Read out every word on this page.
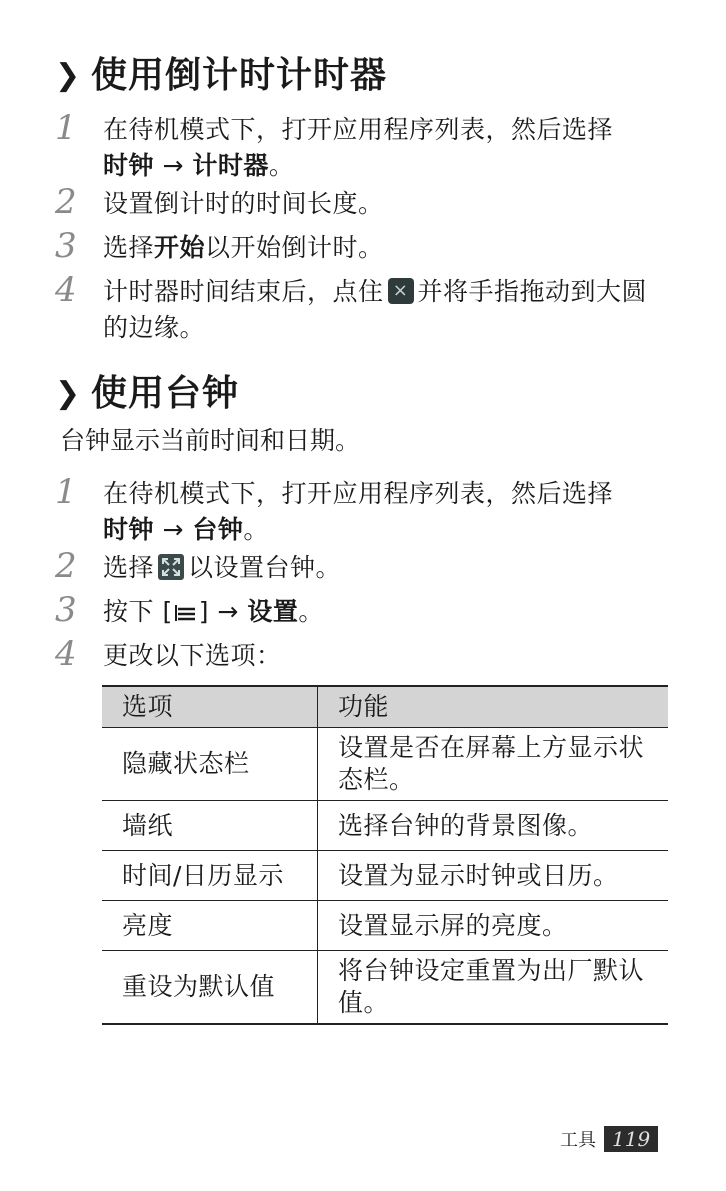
❯ 使用倒计时计时器
1	在待机模式下，打开应用程序列表，然后选择
时钟 → 计时器。
2	设置倒计时的时间长度。
3	选择开始以开始倒计时。
4	计时器时间结束后，点住 × 并将手指拖动到大圆的边缘。
❯ 使用台钟
台钟显示当前时间和日期。
1	在待机模式下，打开应用程序列表，然后选择
时钟 → 台钟。
2	选择 以设置台钟。
3	按下 [ ] → 设置。
4	更改以下选项：
选项	功能
隐藏状态栏	设置是否在屏幕上方显示状态栏。
墙纸	选择台钟的背景图像。
时间/日历显示	设置为显示时钟或日历。
亮度	设置显示屏的亮度。
重设为默认值	将台钟设定重置为出厂默认值。
工具 119
